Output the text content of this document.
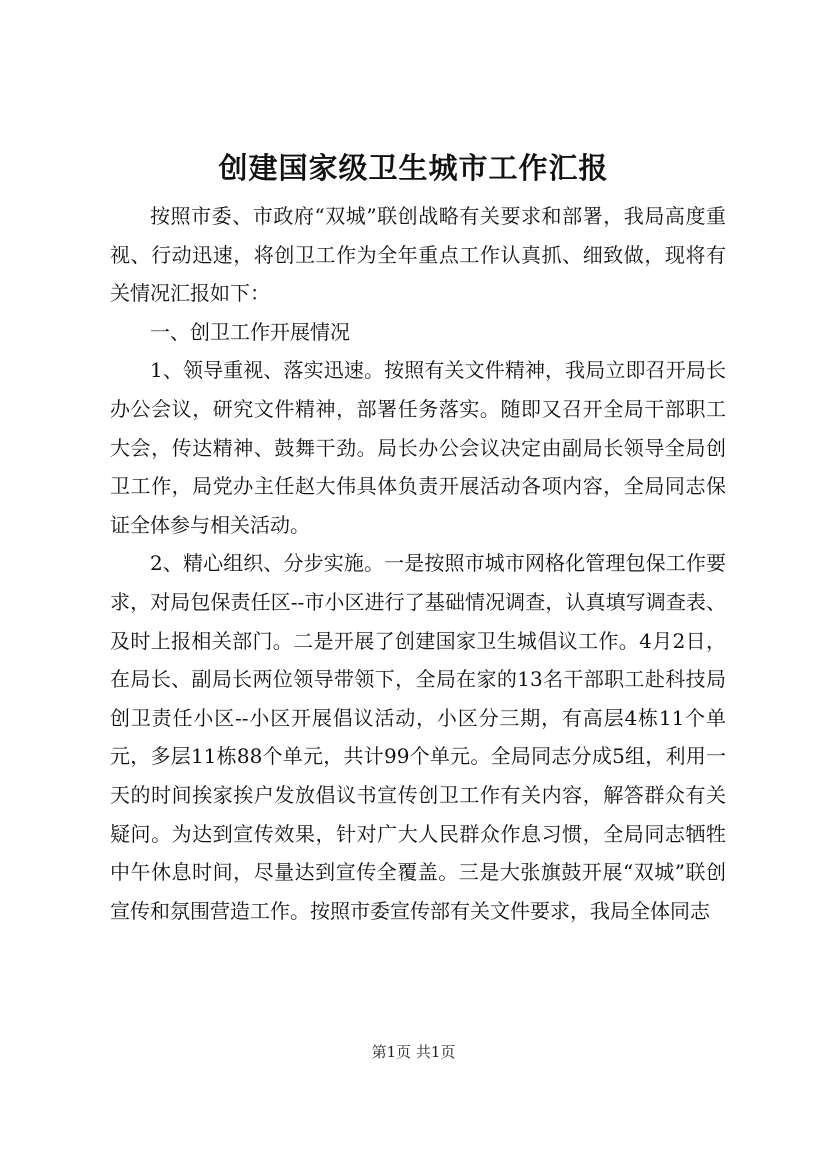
创建国家级卫生城市工作汇报

按照市委、市政府“双城”联创战略有关要求和部署，我局高度重视、行动迅速，将创卫工作为全年重点工作认真抓、细致做，现将有关情况汇报如下：

一、创卫工作开展情况

1、领导重视、落实迅速。按照有关文件精神，我局立即召开局长办公会议，研究文件精神，部署任务落实。随即又召开全局干部职工大会，传达精神、鼓舞干劲。局长办公会议决定由副局长领导全局创卫工作，局党办主任赵大伟具体负责开展活动各项内容，全局同志保证全体参与相关活动。

2、精心组织、分步实施。一是按照市城市网格化管理包保工作要求，对局包保责任区--市小区进行了基础情况调查，认真填写调查表、及时上报相关部门。二是开展了创建国家卫生城倡议工作。4月2日，在局长、副局长两位领导带领下，全局在家的13名干部职工赴科技局创卫责任小区--小区开展倡议活动，小区分三期，有高层4栋11个单元，多层11栋88个单元，共计99个单元。全局同志分成5组，利用一天的时间挨家挨户发放倡议书宣传创卫工作有关内容，解答群众有关疑问。为达到宣传效果，针对广大人民群众作息习惯，全局同志牺牲中午休息时间，尽量达到宣传全覆盖。三是大张旗鼓开展“双城”联创宣传和氛围营造工作。按照市委宣传部有关文件要求，我局全体同志

第1页 共1页
